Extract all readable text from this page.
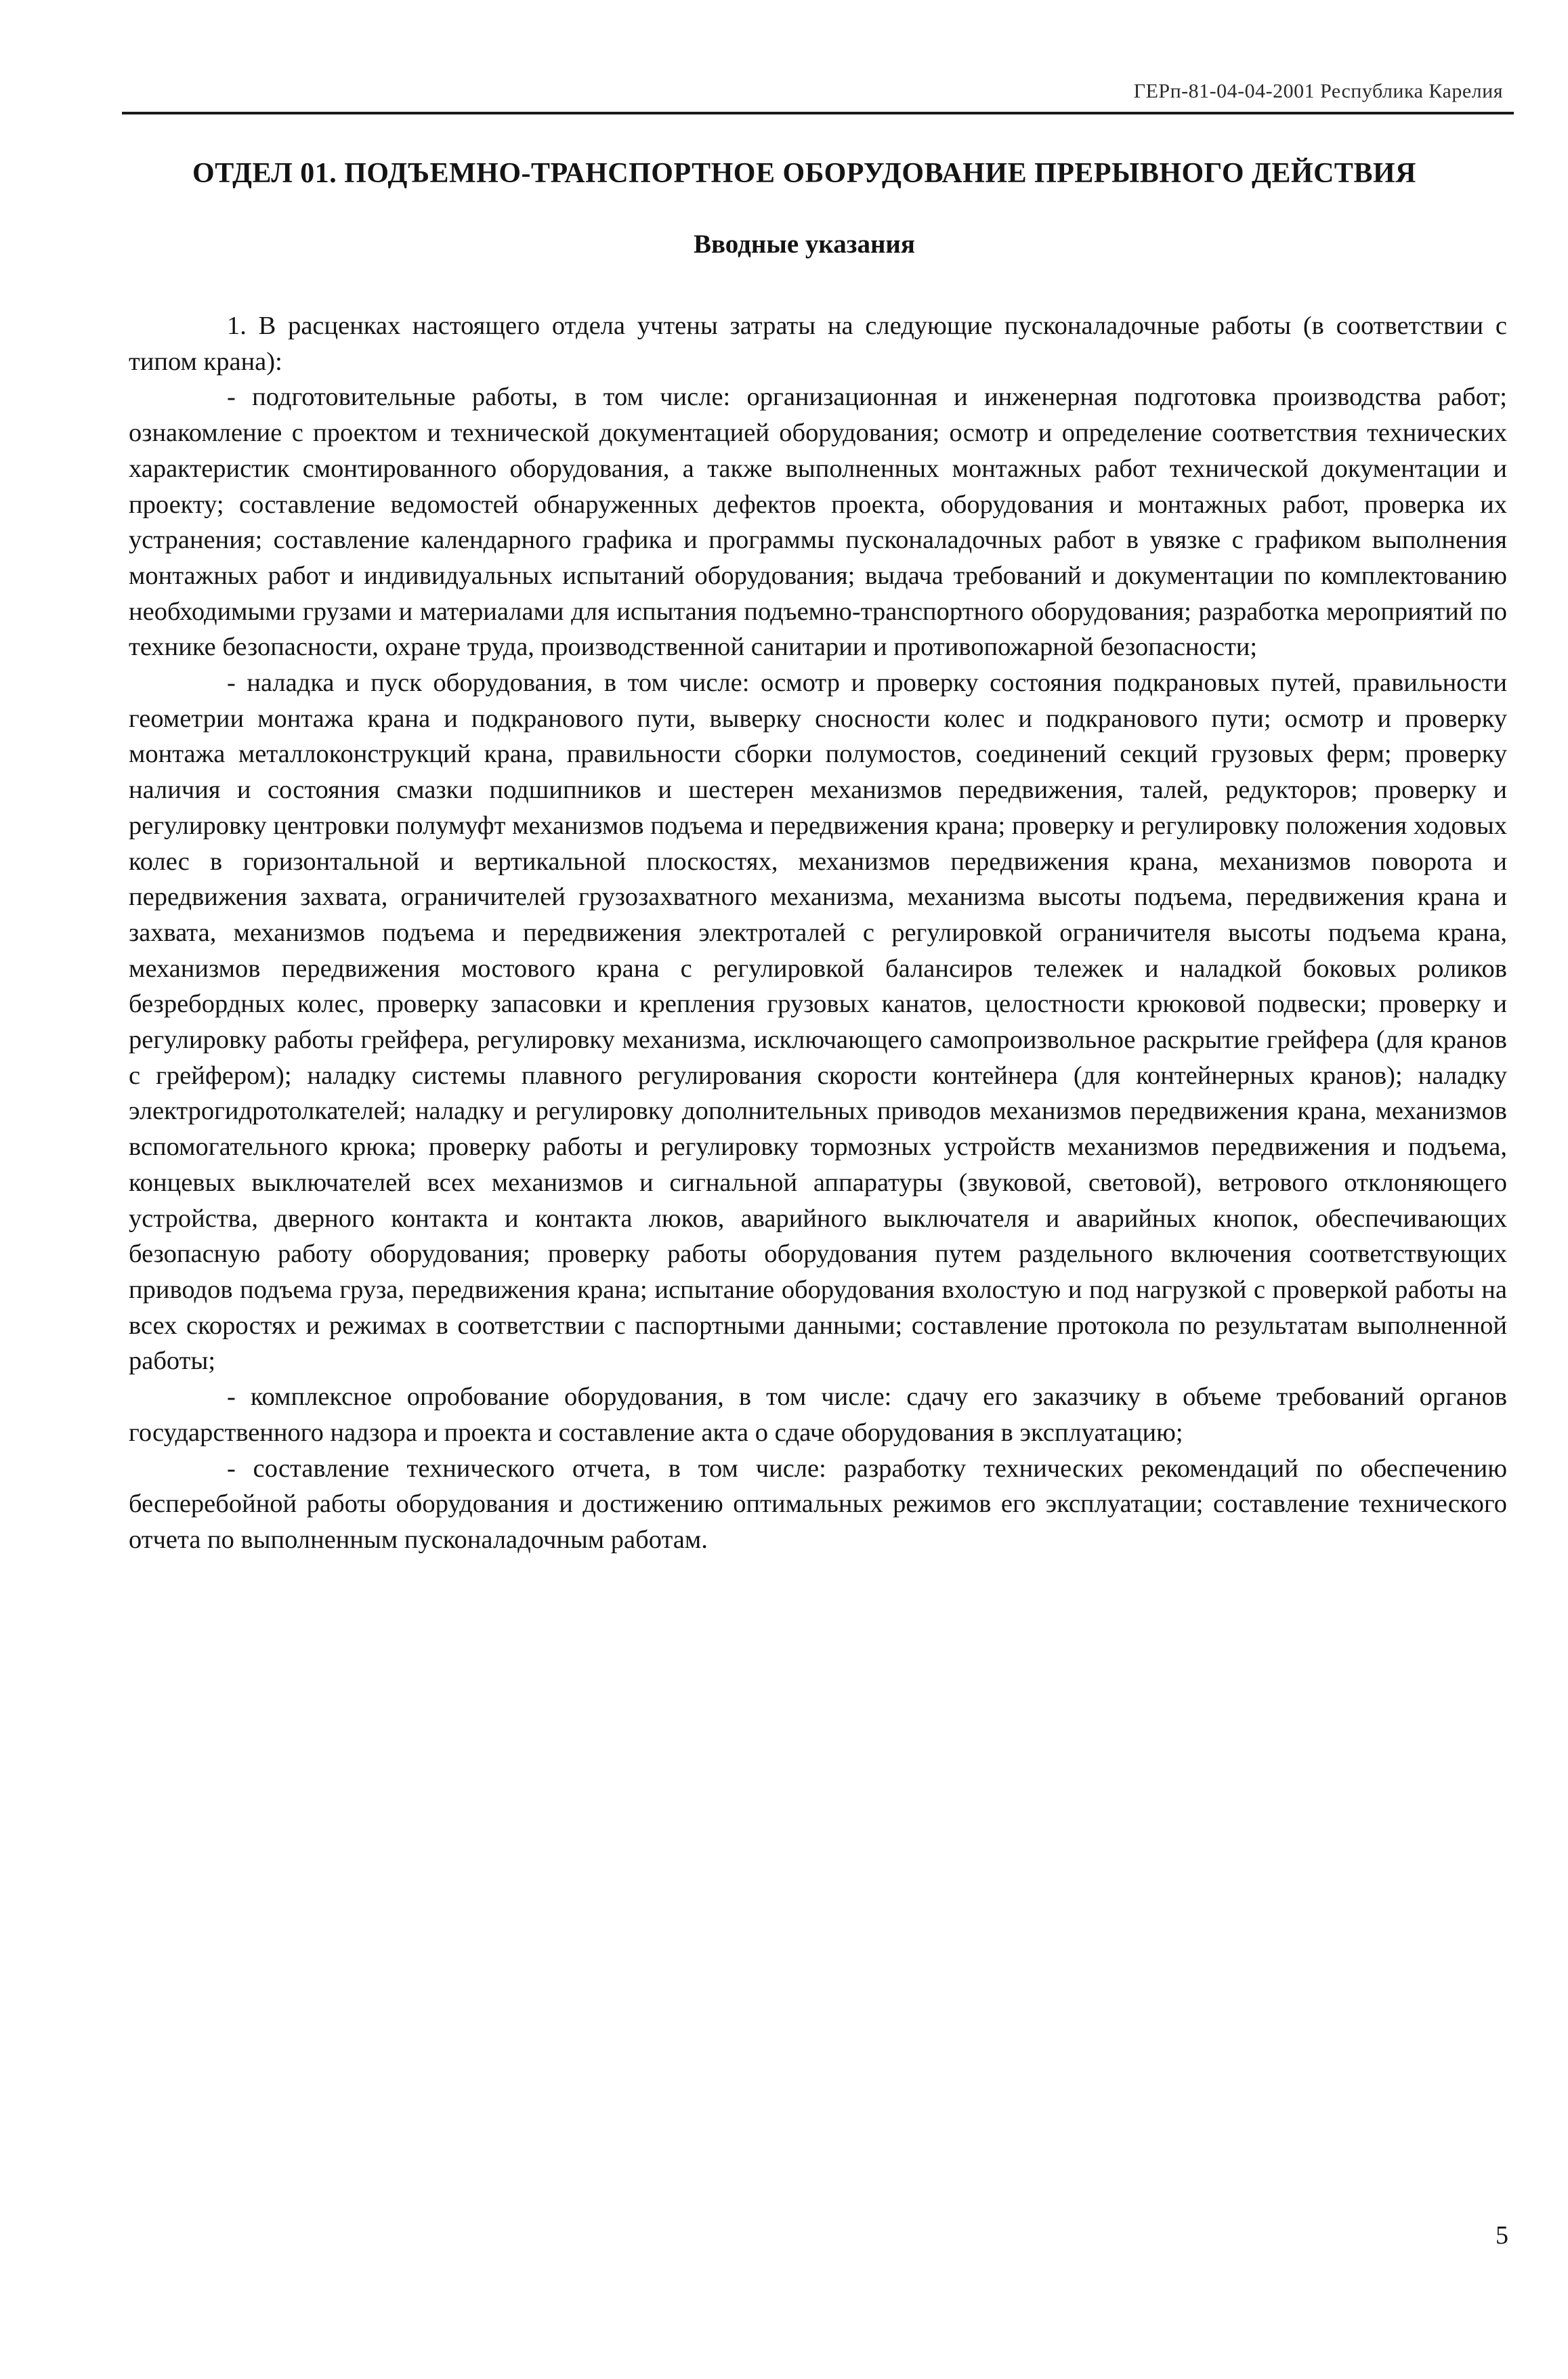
ГЕРп-81-04-04-2001 Республика Карелия
ОТДЕЛ 01. ПОДЪЕМНО-ТРАНСПОРТНОЕ ОБОРУДОВАНИЕ ПРЕРЫВНОГО ДЕЙСТВИЯ
Вводные указания

1. В расценках настоящего отдела учтены затраты на следующие пусконаладочные работы (в соответствии с типом крана):

- подготовительные работы, в том числе: организационная и инженерная подготовка производства работ; ознакомление с проектом и технической документацией оборудования; осмотр и определение соответствия технических характеристик смонтированного оборудования, а также выполненных монтажных работ технической документации и проекту; составление ведомостей обнаруженных дефектов проекта, оборудования и монтажных работ, проверка их устранения; составление календарного графика и программы пусконаладочных работ в увязке с графиком выполнения монтажных работ и индивидуальных испытаний оборудования; выдача требований и документации по комплектованию необходимыми грузами и материалами для испытания подъемно-транспортного оборудования; разработка мероприятий по технике безопасности, охране труда, производственной санитарии и противопожарной безопасности;

- наладка и пуск оборудования, в том числе: осмотр и проверку состояния подкрановых путей, правильности геометрии монтажа крана и подкранового пути, выверку сносности колес и подкранового пути; осмотр и проверку монтажа металлоконструкций крана, правильности сборки полумостов, соединений секций грузовых ферм; проверку наличия и состояния смазки подшипников и шестерен механизмов передвижения, талей, редукторов; проверку и регулировку центровки полумуфт механизмов подъема и передвижения крана; проверку и регулировку положения ходовых колес в горизонтальной и вертикальной плоскостях, механизмов передвижения крана, механизмов поворота и передвижения захвата, ограничителей грузозахватного механизма, механизма высоты подъема, передвижения крана и захвата, механизмов подъема и передвижения электроталей с регулировкой ограничителя высоты подъема крана, механизмов передвижения мостового крана с регулировкой балансиров тележек и наладкой боковых роликов безребордных колес, проверку запасовки и крепления грузовых канатов, целостности крюковой подвески; проверку и регулировку работы грейфера, регулировку механизма, исключающего самопроизвольное раскрытие грейфера (для кранов с грейфером); наладку системы плавного регулирования скорости контейнера (для контейнерных кранов); наладку электрогидротолкателей; наладку и регулировку дополнительных приводов механизмов передвижения крана, механизмов вспомогательного крюка; проверку работы и регулировку тормозных устройств механизмов передвижения и подъема, концевых выключателей всех механизмов и сигнальной аппаратуры (звуковой, световой), ветрового отклоняющего устройства, дверного контакта и контакта люков, аварийного выключателя и аварийных кнопок, обеспечивающих безопасную работу оборудования; проверку работы оборудования путем раздельного включения соответствующих приводов подъема груза, передвижения крана; испытание оборудования вхолостую и под нагрузкой с проверкой работы на всех скоростях и режимах в соответствии с паспортными данными; составление протокола по результатам выполненной работы;

- комплексное опробование оборудования, в том числе: сдачу его заказчику в объеме требований органов государственного надзора и проекта и составление акта о сдаче оборудования в эксплуатацию;

- составление технического отчета, в том числе: разработку технических рекомендаций по обеспечению бесперебойной работы оборудования и достижению оптимальных режимов его эксплуатации; составление технического отчета по выполненным пусконаладочным работам.

5
